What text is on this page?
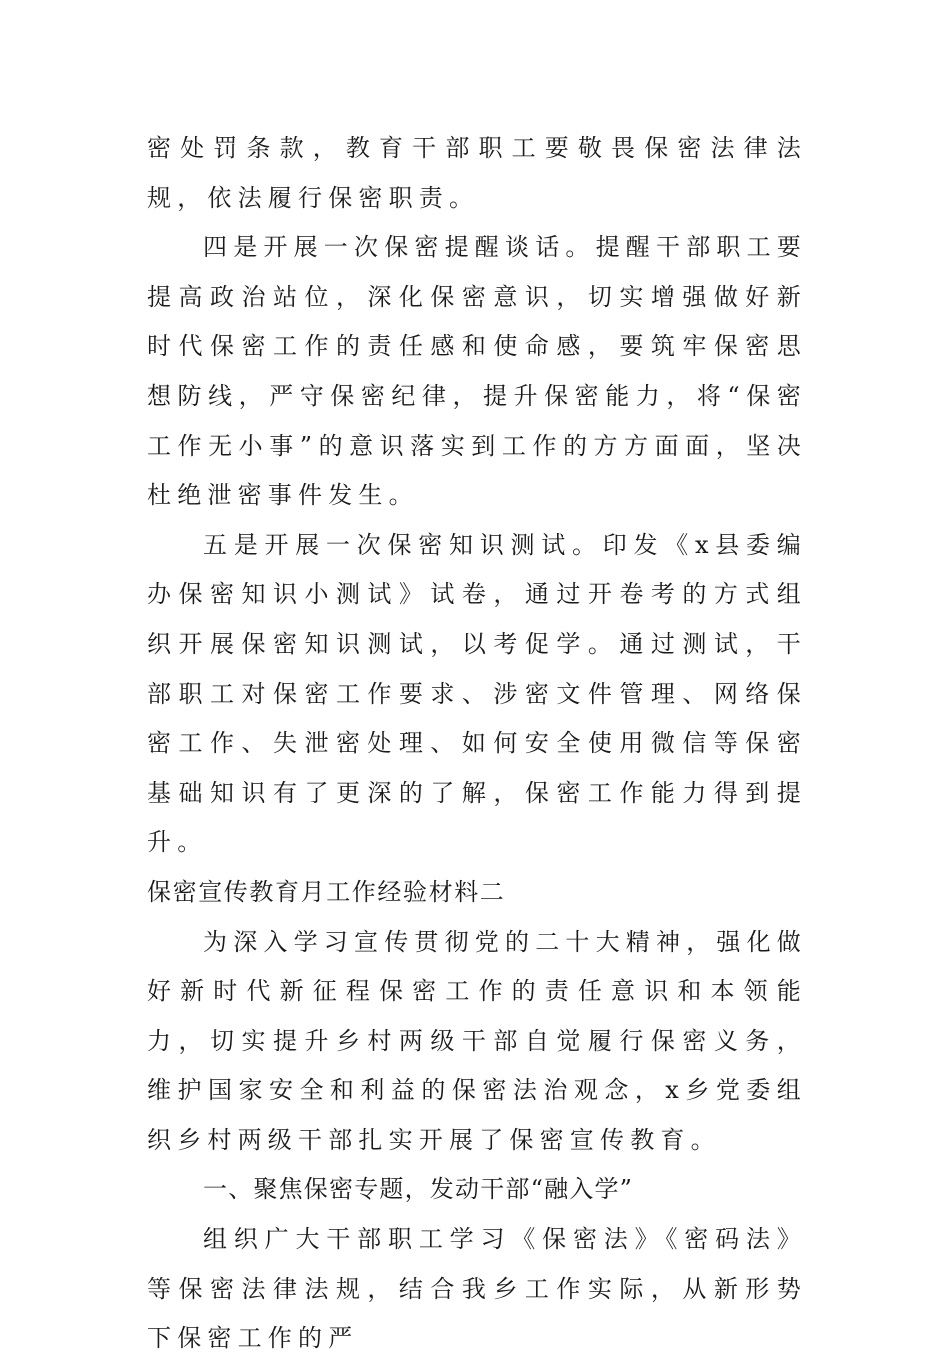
密处罚条款，教育干部职工要敬畏保密法律法规，依法履行保密职责。

四是开展一次保密提醒谈话。提醒干部职工要提高政治站位，深化保密意识，切实增强做好新时代保密工作的责任感和使命感，要筑牢保密思想防线，严守保密纪律，提升保密能力，将“保密工作无小事”的意识落实到工作的方方面面，坚决杜绝泄密事件发生。

五是开展一次保密知识测试。印发《x县委编办保密知识小测试》试卷，通过开卷考的方式组织开展保密知识测试，以考促学。通过测试，干部职工对保密工作要求、涉密文件管理、网络保密工作、失泄密处理、如何安全使用微信等保密基础知识有了更深的了解，保密工作能力得到提升。

保密宣传教育月工作经验材料二

为深入学习宣传贯彻党的二十大精神，强化做好新时代新征程保密工作的责任意识和本领能力，切实提升乡村两级干部自觉履行保密义务，维护国家安全和利益的保密法治观念，x乡党委组织乡村两级干部扎实开展了保密宣传教育。

一、聚焦保密专题，发动干部“融入学”

组织广大干部职工学习《保密法》《密码法》等保密法律法规，结合我乡工作实际，从新形势下保密工作的严
